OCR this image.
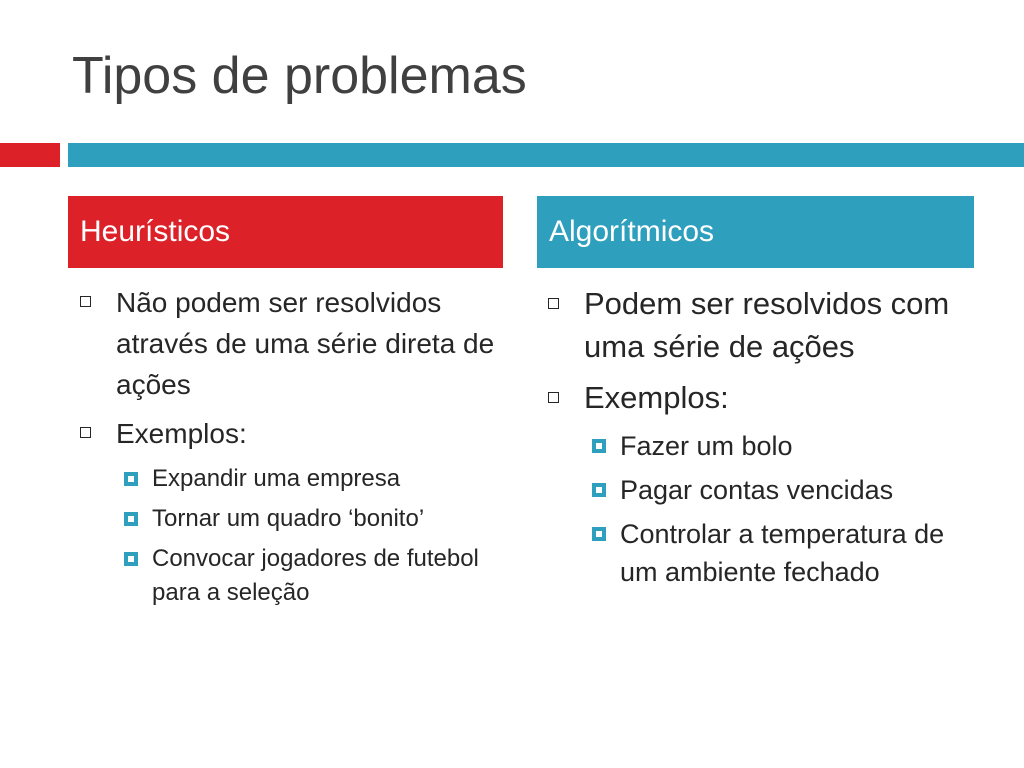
Tipos de problemas
Heurísticos	Algorítmicos
Não podem ser resolvidos através de uma série direta de ações
Exemplos:
Expandir uma empresa
Tornar um quadro ‘bonito’
Convocar jogadores de futebol para a seleção
Podem ser resolvidos com uma série de ações
Exemplos:
Fazer um bolo
Pagar contas vencidas
Controlar a temperatura de um ambiente fechado
